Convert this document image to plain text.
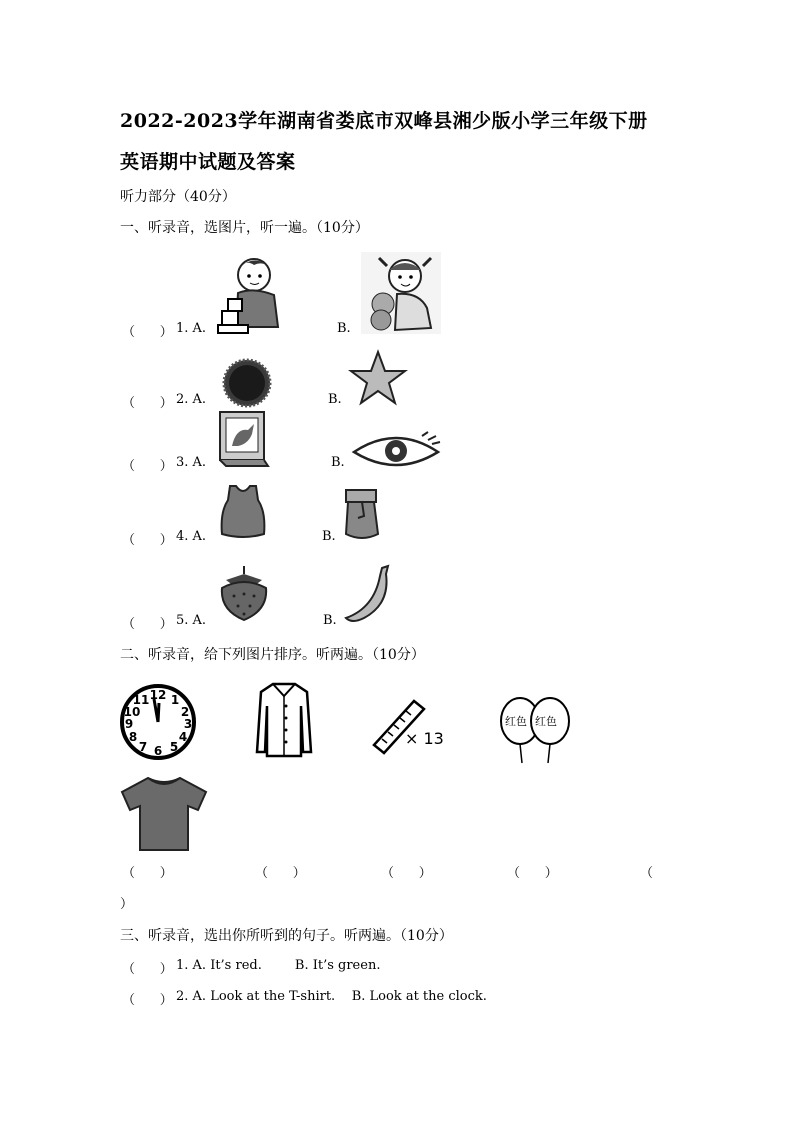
2022-2023学年湖南省娄底市双峰县湘少版小学三年级下册
英语期中试题及答案
听力部分（40分）
一、听录音，选图片，听一遍。（10分）
（      ） 1. A.	B.
（      ） 2. A.	B.
（      ） 3. A.	B.
（      ） 4. A.	B.
（      ） 5. A.	B.
二、听录音，给下列图片排序。听两遍。（10分）
12 1
2
3
4
5
6
7
8
9
10
11
× 13
红色 红色
（      ）	（      ）	（      ）	（      ）	（
）
三、听录音，选出你所听到的句子。听两遍。（10分）
（      ） 1. A. It’s red.        B. It’s green.
（      ） 2. A. Look at the T-shirt.    B. Look at the clock.
